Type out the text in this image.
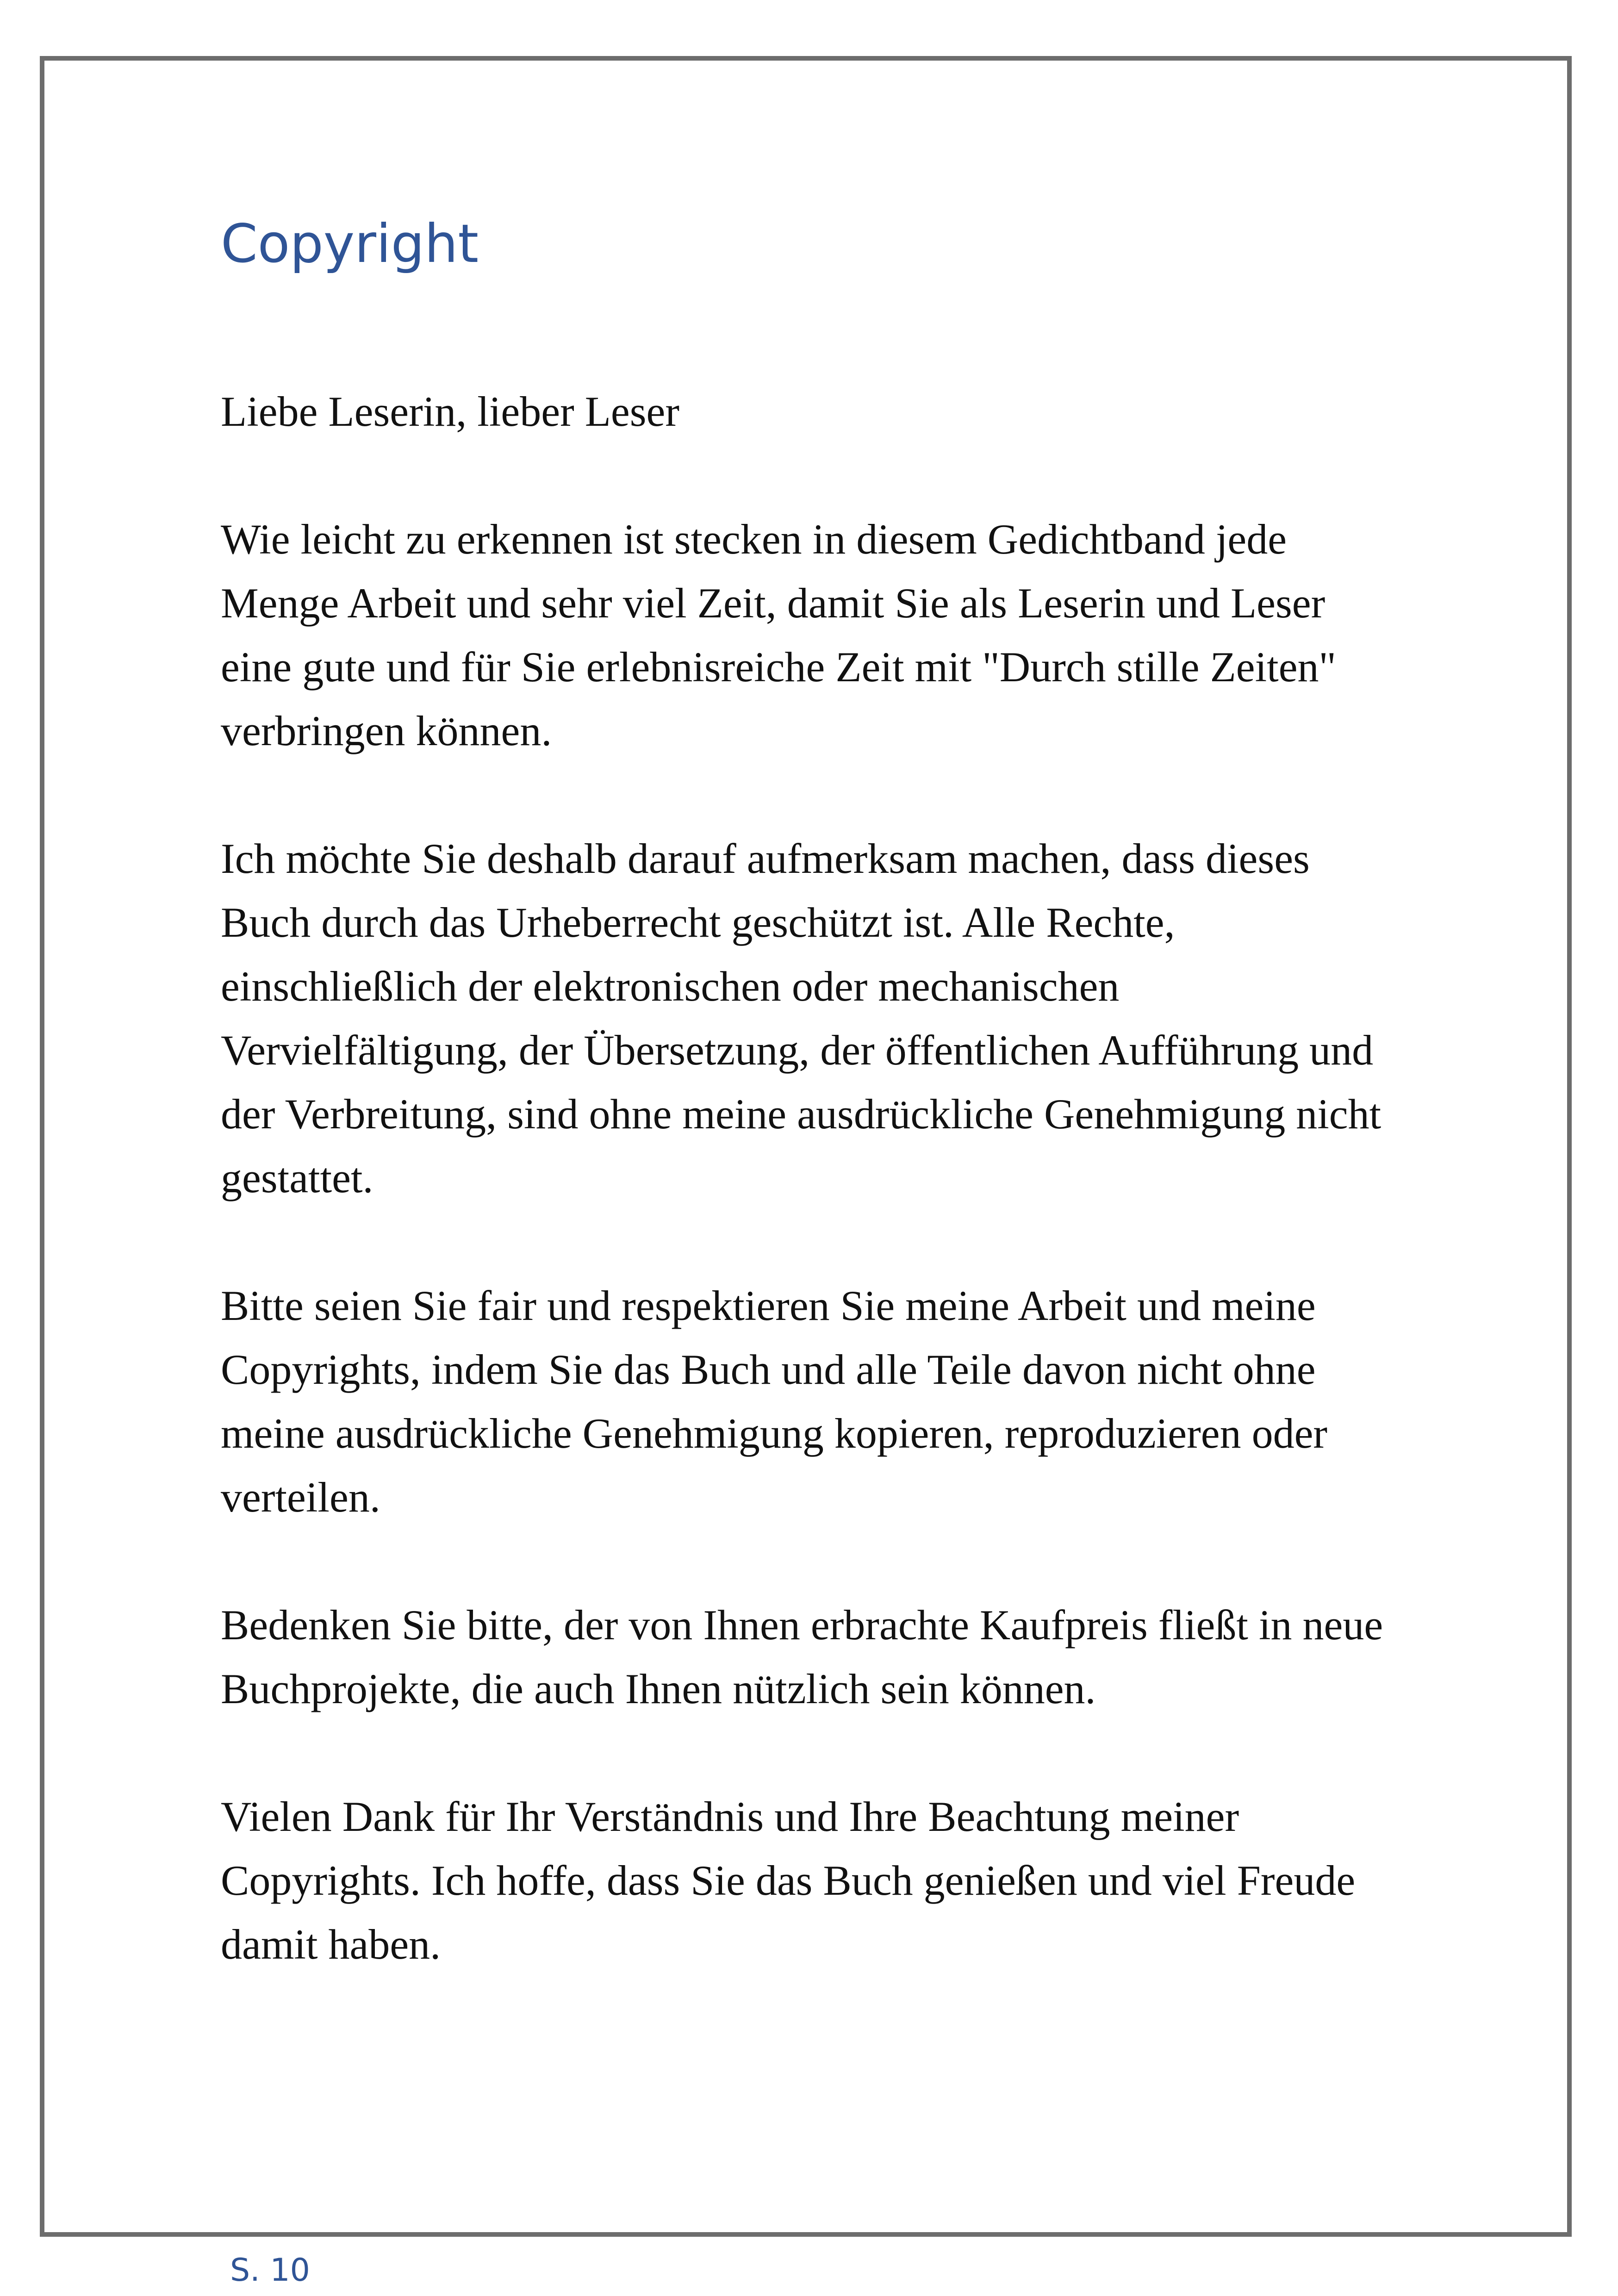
Copyright

Liebe Leserin, lieber Leser

Wie leicht zu erkennen ist stecken in diesem Gedichtband jede Menge Arbeit und sehr viel Zeit, damit Sie als Leserin und Leser eine gute und für Sie erlebnisreiche Zeit mit "Durch stille Zeiten" verbringen können.

Ich möchte Sie deshalb darauf aufmerksam machen, dass dieses Buch durch das Urheberrecht geschützt ist. Alle Rechte, einschließlich der elektronischen oder mechanischen Vervielfältigung, der Übersetzung, der öffentlichen Aufführung und der Verbreitung, sind ohne meine ausdrückliche Genehmigung nicht gestattet.

Bitte seien Sie fair und respektieren Sie meine Arbeit und meine Copyrights, indem Sie das Buch und alle Teile davon nicht ohne meine ausdrückliche Genehmigung kopieren, reproduzieren oder verteilen.

Bedenken Sie bitte, der von Ihnen erbrachte Kaufpreis fließt in neue Buchprojekte, die auch Ihnen nützlich sein können.

Vielen Dank für Ihr Verständnis und Ihre Beachtung meiner Copyrights. Ich hoffe, dass Sie das Buch genießen und viel Freude damit haben.

S. 10
